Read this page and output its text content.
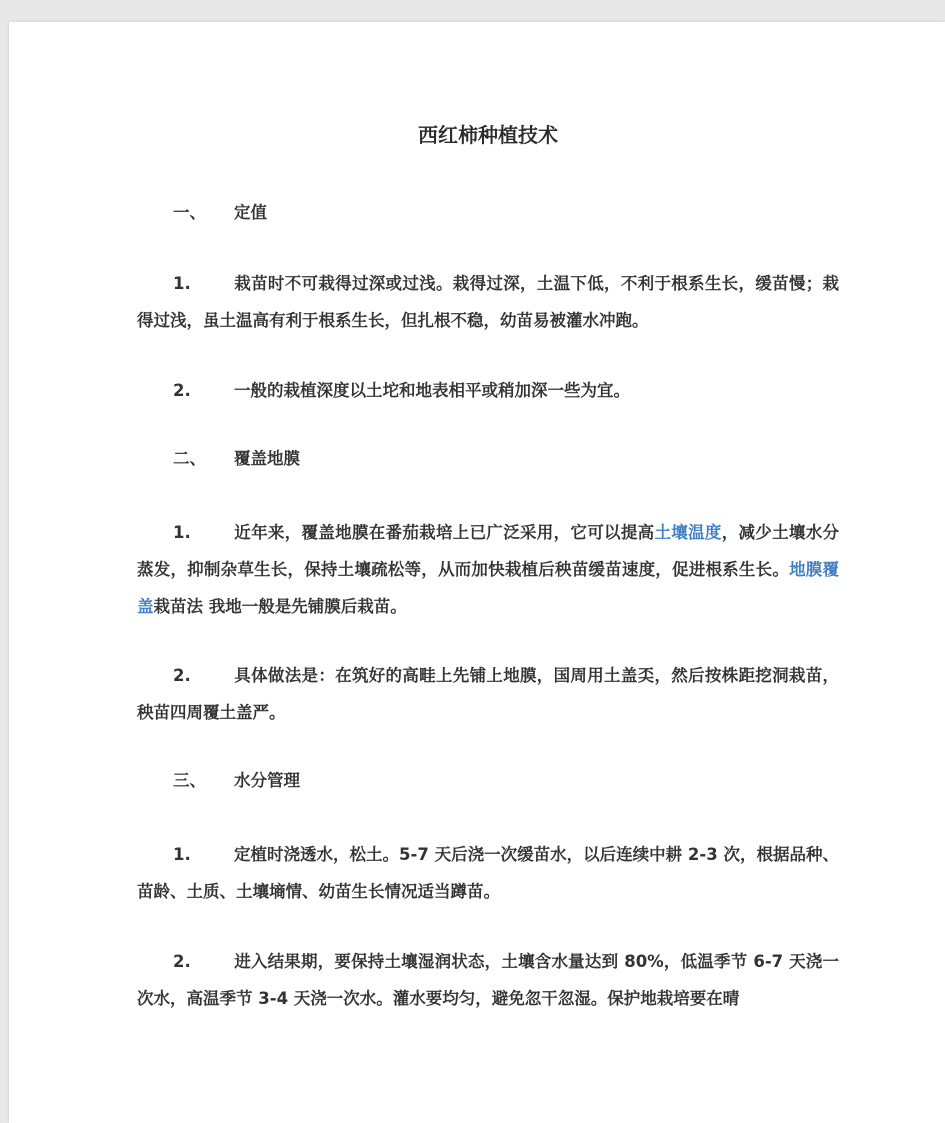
西红柿种植技术

一、 定值

1.	栽苗时不可栽得过深或过浅。栽得过深，土温下低，不利于根系生长，缓苗慢；栽得过浅，虽土温高有利于根系生长，但扎根不稳，幼苗易被灌水冲跑。

2.	一般的栽植深度以土坨和地表相平或稍加深一些为宜。

二、 覆盖地膜

1.	近年来，覆盖地膜在番茄栽培上已广泛采用，它可以提高土壤温度，减少土壤水分蒸发，抑制杂草生长，保持土壤疏松等，从而加快栽植后秧苗缓苗速度，促进根系生长。地膜覆盖栽苗法 我地一般是先铺膜后栽苗。

2.	具体做法是：在筑好的高畦上先铺上地膜，国周用土盖奀，然后按株距挖洞栽苗，秧苗四周覆土盖严。

三、 水分管理

1.	定植时浇透水，松土。5-7 天后浇一次缓苗水，以后连续中耕 2-3 次，根据品种、苗龄、土质、土壤墒情、幼苗生长情况适当蹲苗。

2.	进入结果期，要保持土壤湿润状态，土壤含水量达到 80%，低温季节 6-7 天浇一次水，高温季节 3-4 天浇一次水。灌水要均匀，避免忽干忽湿。保护地栽培要在晴
